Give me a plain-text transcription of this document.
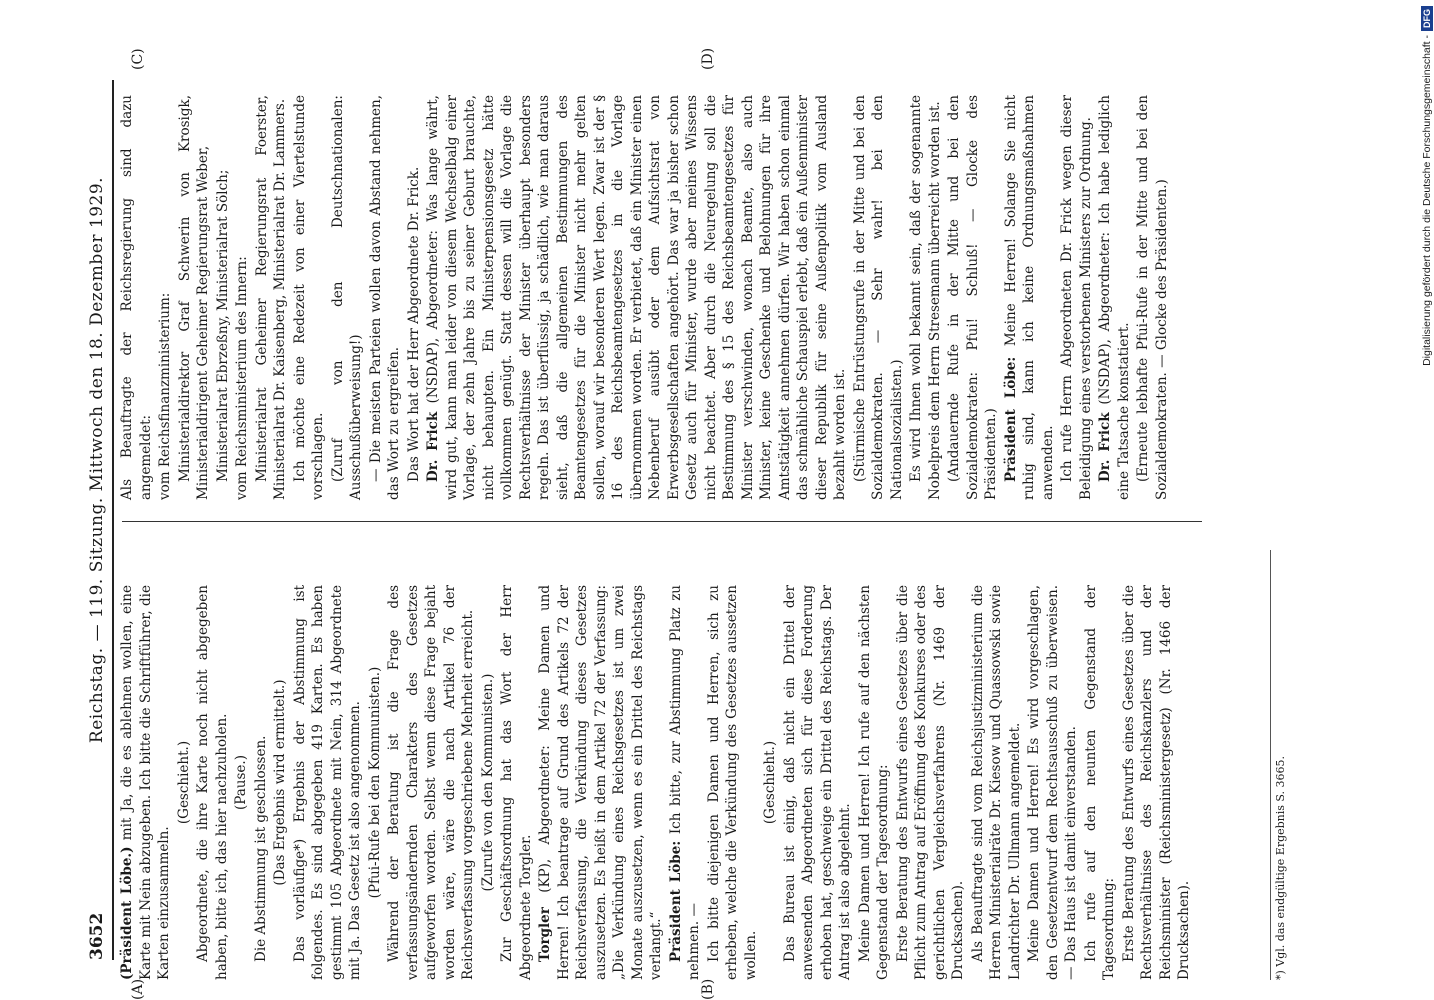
3652
Reichstag. — 119. Sitzung. Mittwoch den 18. Dezember 1929.
(A)	(B)
(C)	(D)

(Präsident Löbe.) mit Ja, die es ablehnen wollen, eine Karte mit Nein abzugeben. Ich bitte die Schriftführer, die Karten einzusammeln.

(Geschieht.) Abgeordnete, die ihre Karte noch nicht abgegeben haben, bitte ich, das hier nachzuholen. (Pause.) Die Abstimmung ist geschlossen. (Das Ergebnis wird ermittelt.) Das vorläufige*) Ergebnis der Abstimmung ist folgendes. Es sind abgegeben 419 Karten. Es haben gestimmt 105 Abgeordnete mit Nein, 314 Abgeordnete mit Ja. Das Gesetz ist also angenommen. (Pfui-Rufe bei den Kommunisten.) Während der Beratung ist die Frage des verfassungsändernden Charakters des Gesetzes aufgeworfen worden. Selbst wenn diese Frage bejaht worden wäre, wäre die nach Artikel 76 der Reichsverfassung vorgeschriebene Mehrheit erreicht. (Zurufe von den Kommunisten.) Zur Geschäftsordnung hat das Wort der Herr Abgeordnete Torgler. Torgler (KP), Abgeordneter: Meine Damen und Herren! Ich beantrage auf Grund des Artikels 72 der Reichsverfassung, die Verkündung dieses Gesetzes auszusetzen. Es heißt in dem Artikel 72 der Verfassung: „Die Verkündung eines Reichsgesetzes ist um zwei Monate auszusetzen, wenn es ein Drittel des Reichstags verlangt.“ Präsident Löbe: Ich bitte, zur Abstimmung Platz zu nehmen. — Ich bitte diejenigen Damen und Herren, sich zu erheben, welche die Verkündung des Gesetzes aussetzen wollen.

(Geschieht.) Das Bureau ist einig, daß nicht ein Drittel der anwesenden Abgeordneten sich für diese Forderung erhoben hat, geschweige ein Drittel des Reichstags. Der Antrag ist also abgelehnt. Meine Damen und Herren! Ich rufe auf den nächsten Gegenstand der Tagesordnung: Erste Beratung des Entwurfs eines Gesetzes über die Pflicht zum Antrag auf Eröffnung des Konkurses oder des gerichtlichen Vergleichsverfahrens (Nr. 1469 der Drucksachen). Als Beauftragte sind vom Reichsjustizministerium die Herren Ministerialräte Dr. Kiesow und Quassowski sowie Landrichter Dr. Ullmann angemeldet. Meine Damen und Herren! Es wird vorgeschlagen, den Gesetzentwurf dem Rechtsausschuß zu überweisen. — Das Haus ist damit einverstanden. Ich rufe auf den neunten Gegenstand der Tagesordnung: Erste Beratung des Entwurfs eines Gesetzes über die Rechtsverhältnisse des Reichskanzlers und der Reichsminister (Reichsministergesetz) (Nr. 1466 der Drucksachen).

Als Beauftragte der Reichsregierung sind dazu angemeldet: vom Reichsfinanzministerium: Ministerialdirektor Graf Schwerin von Krosigk, Ministerialdirigent Geheimer Regierungsrat Weber, Ministerialrat Ebrzeßny, Ministerialrat Sölch; vom Reichsministerium des Innern: Ministerialrat Geheimer Regierungsrat Foerster, Ministerialrat Dr. Kaisenberg, Ministerialrat Dr. Lammers. Ich möchte eine Redezeit von einer Viertelstunde vorschlagen. (Zuruf von den Deutschnationalen: Ausschußüberweisung!) — Die meisten Parteien wollen davon Abstand nehmen, das Wort zu ergreifen. Das Wort hat der Herr Abgeordnete Dr. Frick. Dr. Frick (NSDAP), Abgeordneter: Was lange währt, wird gut, kann man leider von diesem Wechselbalg einer Vorlage, der zehn Jahre bis zu seiner Geburt brauchte, nicht behaupten. Ein Ministerpensionsgesetz hätte vollkommen genügt. Statt dessen will die Vorlage die Rechtsverhältnisse der Minister überhaupt besonders regeln. Das ist überflüssig, ja schädlich, wie man daraus sieht, daß die allgemeinen Bestimmungen des Beamtengesetzes für die Minister nicht mehr gelten sollen, worauf wir besonderen Wert legen. Zwar ist der § 16 des Reichsbeamtengesetzes in die Vorlage übernommen worden. Er verbietet, daß ein Minister einen Nebenberuf ausübt oder dem Aufsichtsrat von Erwerbsgesellschaften angehört. Das war ja bisher schon Gesetz auch für Minister, wurde aber meines Wissens nicht beachtet. Aber durch die Neuregelung soll die Bestimmung des § 15 des Reichsbeamtengesetzes für Minister verschwinden, wonach Beamte, also auch Minister, keine Geschenke und Belohnungen für ihre Amtstätigkeit annehmen dürfen. Wir haben schon einmal das schmähliche Schauspiel erlebt, daß ein Außenminister dieser Republik für seine Außenpolitik vom Ausland bezahlt worden ist. (Stürmische Entrüstungsrufe in der Mitte und bei den Sozialdemokraten. — Sehr wahr! bei den Nationalsozialisten.) Es wird Ihnen wohl bekannt sein, daß der sogenannte Nobelpreis dem Herrn Stresemann überreicht worden ist. (Andauernde Rufe in der Mitte und bei den Sozialdemokraten: Pfui! Schluß! — Glocke des Präsidenten.) Präsident Löbe: Meine Herren! Solange Sie nicht ruhig sind, kann ich keine Ordnungsmaßnahmen anwenden. Ich rufe Herrn Abgeordneten Dr. Frick wegen dieser Beleidigung eines verstorbenen Ministers zur Ordnung. Dr. Frick (NSDAP), Abgeordneter: Ich habe lediglich eine Tatsache konstatiert. (Erneute lebhafte Pfui-Rufe in der Mitte und bei den Sozialdemokraten. — Glocke des Präsidenten.)

*) Vgl. das endgültige Ergebnis S. 3665.
Digitalisierung gefördert durch die Deutsche Forschungsgemeinschaft -
DFG
